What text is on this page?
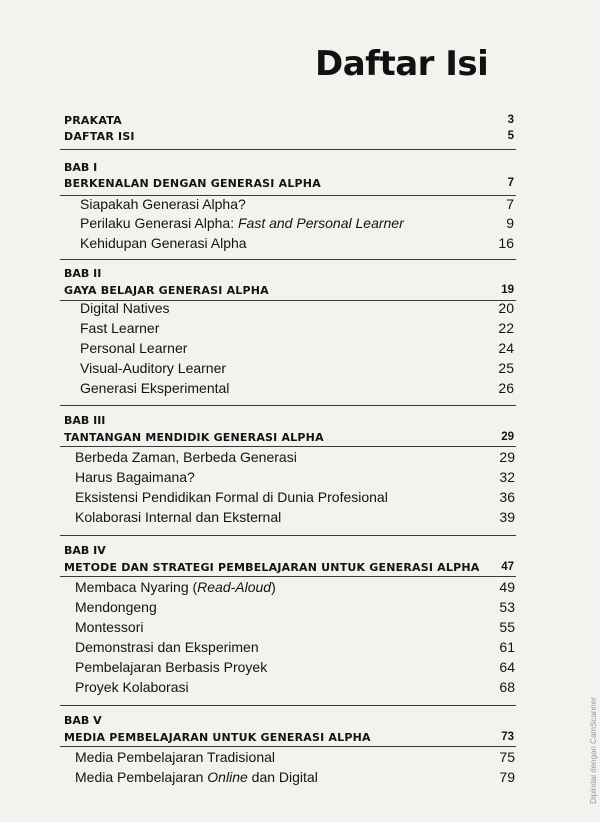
Daftar Isi
PRAKATA	3
DAFTAR ISI	5
BAB I
BERKENALAN DENGAN GENERASI ALPHA	7
Siapakah Generasi Alpha?	7
Perilaku Generasi Alpha: Fast and Personal Learner	9
Kehidupan Generasi Alpha	16
BAB II
GAYA BELAJAR GENERASI ALPHA	19
Digital Natives	20
Fast Learner	22
Personal Learner	24
Visual-Auditory Learner	25
Generasi Eksperimental	26
BAB III
TANTANGAN MENDIDIK GENERASI ALPHA	29
Berbeda Zaman, Berbeda Generasi	29
Harus Bagaimana?	32
Eksistensi Pendidikan Formal di Dunia Profesional	36
Kolaborasi Internal dan Eksternal	39
BAB IV
METODE DAN STRATEGI PEMBELAJARAN UNTUK GENERASI ALPHA 47
Membaca Nyaring (Read-Aloud)	49
Mendongeng	53
Montessori	55
Demonstrasi dan Eksperimen	61
Pembelajaran Berbasis Proyek	64
Proyek Kolaborasi	68
BAB V
MEDIA PEMBELAJARAN UNTUK GENERASI ALPHA	73
Media Pembelajaran Tradisional	75
Media Pembelajaran Online dan Digital	79	Dipindai dengan CamScanner
